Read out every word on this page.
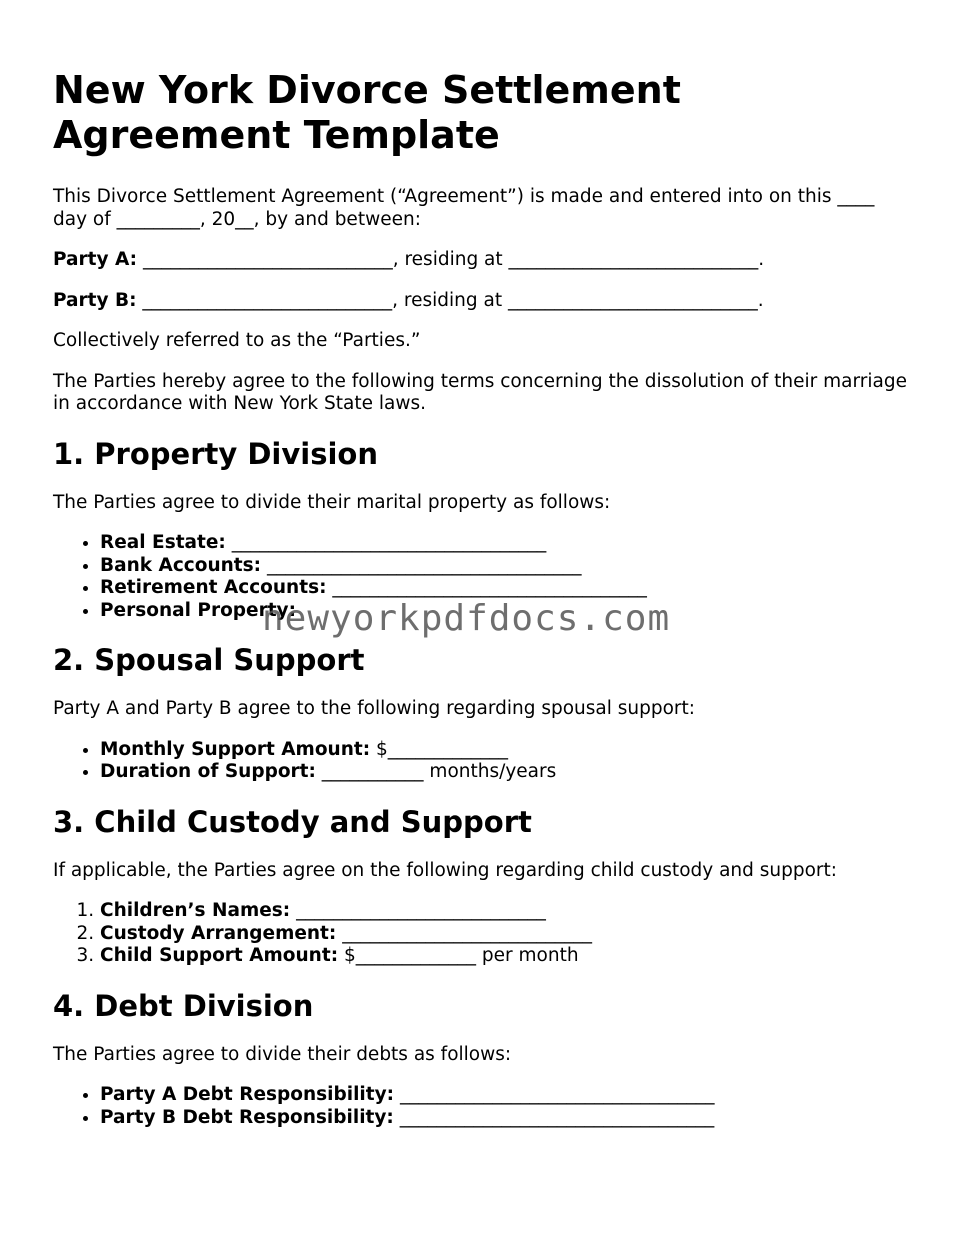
New York Divorce Settlement Agreement Template

This Divorce Settlement Agreement (“Agreement”) is made and entered into on this ____ day of _________, 20__, by and between:

Party A: ___________________________, residing at ___________________________.

Party B: ___________________________, residing at ___________________________.

Collectively referred to as the “Parties.”

The Parties hereby agree to the following terms concerning the dissolution of their marriage in accordance with New York State laws.

1. Property Division

The Parties agree to divide their marital property as follows:

• Real Estate: __________________________________
• Bank Accounts: __________________________________
• Retirement Accounts: __________________________________
• Personal Property:
2. Spousal Support

Party A and Party B agree to the following regarding spousal support:

• Monthly Support Amount: $_____________
• Duration of Support: ___________ months/years
3. Child Custody and Support

If applicable, the Parties agree on the following regarding child custody and support:

1. Children’s Names: ___________________________
2. Custody Arrangement: ___________________________
3. Child Support Amount: $_____________ per month
4. Debt Division

The Parties agree to divide their debts as follows:

• Party A Debt Responsibility: __________________________________
• Party B Debt Responsibility: __________________________________
newyorkpdfdocs.com
